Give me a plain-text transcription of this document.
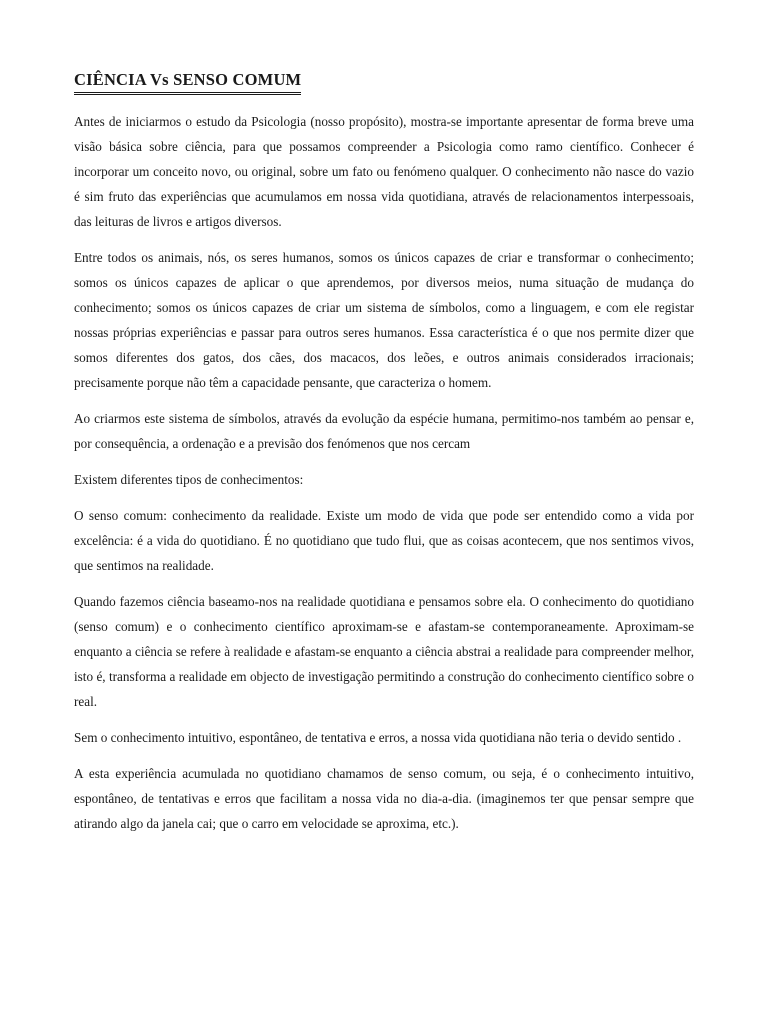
CIÊNCIA Vs SENSO COMUM

Antes de iniciarmos o estudo da Psicologia (nosso propósito), mostra-se importante apresentar de forma breve uma visão básica sobre ciência, para que possamos compreender a Psicologia como ramo científico. Conhecer é incorporar um conceito novo, ou original, sobre um fato ou fenómeno qualquer. O conhecimento não nasce do vazio é sim fruto das experiências que acumulamos em nossa vida quotidiana, através de relacionamentos interpessoais, das leituras de livros e artigos diversos.

Entre todos os animais, nós, os seres humanos, somos os únicos capazes de criar e transformar o conhecimento; somos os únicos capazes de aplicar o que aprendemos, por diversos meios, numa situação de mudança do conhecimento; somos os únicos capazes de criar um sistema de símbolos, como a linguagem, e com ele registar nossas próprias experiências e passar para outros seres humanos. Essa característica é o que nos permite dizer que somos diferentes dos gatos, dos cães, dos macacos, dos leões, e outros animais considerados irracionais; precisamente porque não têm a capacidade pensante, que caracteriza o homem.

Ao criarmos este sistema de símbolos, através da evolução da espécie humana, permitimo-nos também ao pensar e, por consequência, a ordenação e a previsão dos fenómenos que nos cercam

Existem diferentes tipos de conhecimentos:

O senso comum: conhecimento da realidade. Existe um modo de vida que pode ser entendido como a vida por excelência: é a vida do quotidiano. É no quotidiano que tudo flui, que as coisas acontecem, que nos sentimos vivos, que sentimos na realidade.

Quando fazemos ciência baseamo-nos na realidade quotidiana e pensamos sobre ela. O conhecimento do quotidiano (senso comum) e o conhecimento científico aproximam-se e afastam-se contemporaneamente. Aproximam-se enquanto a ciência se refere à realidade e afastam-se enquanto a ciência abstrai a realidade para compreender melhor, isto é, transforma a realidade em objecto de investigação permitindo a construção do conhecimento científico sobre o real.

Sem o conhecimento intuitivo, espontâneo, de tentativa e erros, a nossa vida quotidiana não teria o devido sentido .

A esta experiência acumulada no quotidiano chamamos de senso comum, ou seja, é o conhecimento intuitivo, espontâneo, de tentativas e erros que facilitam a nossa vida no dia-a-dia. (imaginemos ter que pensar sempre que atirando algo da janela cai; que o carro em velocidade se aproxima, etc.).
